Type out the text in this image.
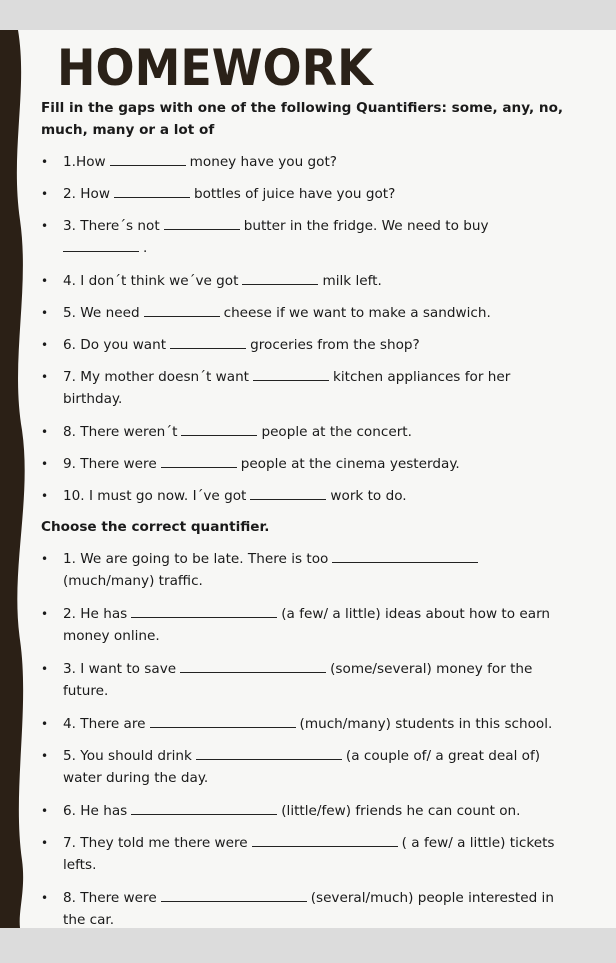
HOMEWORK
Fill in the gaps with one of the following Quantifiers: some, any, no, much, many or a lot of
• 1.How	money have you got?
• 2. How	bottles of juice have you got?
• 3. There´s not	butter in the fridge. We need to buy
.
• 4. I don´t think we´ve got	milk left.
• 5. We need	cheese if we want to make a sandwich.
• 6. Do you want	groceries from the shop?
• 7. My mother doesn´t want	kitchen appliances for her birthday.
• 8. There weren´t	people at the concert.
• 9. There were	people at the cinema yesterday.
• 10. I must go now. I´ve got	work to do.
Choose the correct quantifier.
• 1. We are going to be late. There is too
(much/many) traffic.
• 2. He has	(a few/ a little) ideas about how to earn money online.
• 3. I want to save	(some/several) money for the future.
• 4. There are	(much/many) students in this school.
• 5. You should drink	(a couple of/ a great deal of) water during the day.
• 6. He has	(little/few) friends he can count on.
• 7. They told me there were	( a few/ a little) tickets lefts.
• 8. There were	(several/much) people interested in the car.
